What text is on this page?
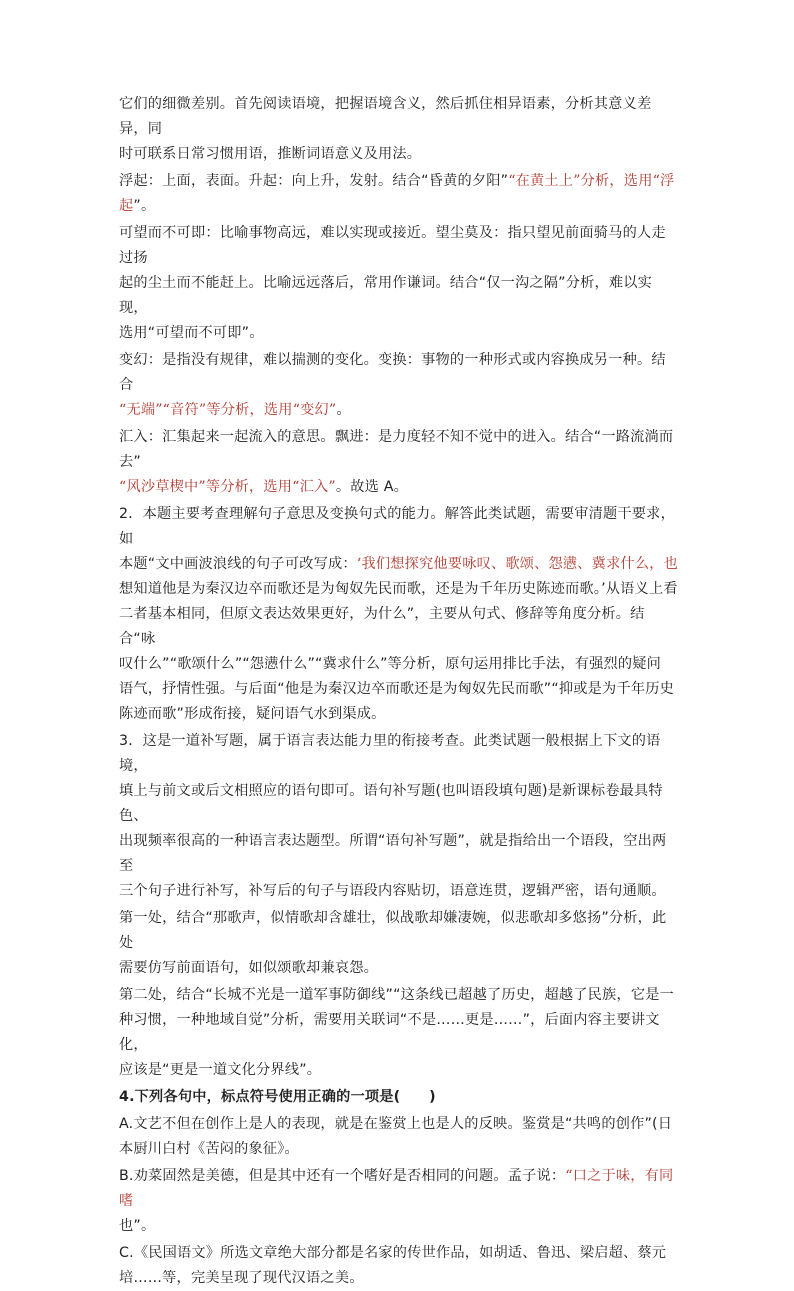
它们的细微差别。首先阅读语境，把握语境含义，然后抓住相异语素，分析其意义差异，同
时可联系日常习惯用语，推断词语意义及用法。

浮起：上面，表面。升起：向上升，发射。结合“昏黄的夕阳”“在黄土上”分析，选用“浮
起”。

可望而不可即：比喻事物高远，难以实现或接近。望尘莫及：指只望见前面骑马的人走过扬
起的尘土而不能赶上。比喻远远落后，常用作谦词。结合“仅一沟之隔”分析，难以实现，
选用“可望而不可即”。

变幻：是指没有规律，难以揣测的变化。变换：事物的一种形式或内容换成另一种。结合
“无端”“音符”等分析，选用“变幻”。

汇入：汇集起来一起流入的意思。飘进：是力度轻不知不觉中的进入。结合“一路流淌而去”
“风沙草楔中”等分析，选用“汇入”。故选 A。

2．本题主要考查理解句子意思及变换句式的能力。解答此类试题，需要审清题干要求，如
本题“文中画波浪线的句子可改写成：‘我们想探究他要咏叹、歌颂、怨懑、冀求什么，也
想知道他是为秦汉边卒而歌还是为匈奴先民而歌，还是为千年历史陈迹而歌。’从语义上看
二者基本相同，但原文表达效果更好，为什么”，主要从句式、修辞等角度分析。结合“咏
叹什么”“歌颂什么”“怨懑什么”“冀求什么”等分析，原句运用排比手法，有强烈的疑问
语气，抒情性强。与后面“他是为秦汉边卒而歌还是为匈奴先民而歌”“抑或是为千年历史
陈迹而歌”形成衔接，疑问语气水到渠成。

3．这是一道补写题，属于语言表达能力里的衔接考查。此类试题一般根据上下文的语境，
填上与前文或后文相照应的语句即可。语句补写题(也叫语段填句题)是新课标卷最具特色、
出现频率很高的一种语言表达题型。所谓“语句补写题”，就是指给出一个语段，空出两至
三个句子进行补写，补写后的句子与语段内容贴切，语意连贯，逻辑严密，语句通顺。

第一处，结合“那歌声，似情歌却含雄壮，似战歌却嫌凄婉，似悲歌却多悠扬”分析，此处
需要仿写前面语句，如似颂歌却兼哀怨。

第二处，结合“长城不光是一道军事防御线”“这条线已超越了历史，超越了民族，它是一
种习惯，一种地域自觉”分析，需要用关联词“不是……更是……”，后面内容主要讲文化，
应该是“更是一道文化分界线”。

4.下列各句中，标点符号使用正确的一项是(　　)

A.文艺不但在创作上是人的表现，就是在鉴赏上也是人的反映。鉴赏是“共鸣的创作”(日
本厨川白村《苦闷的象征》。

B.劝菜固然是美德，但是其中还有一个嗜好是否相同的问题。孟子说：“口之于味，有同嗜
也”。

C.《民国语文》所选文章绝大部分都是名家的传世作品，如胡适、鲁迅、梁启超、蔡元
培……等，完美呈现了现代汉语之美。
